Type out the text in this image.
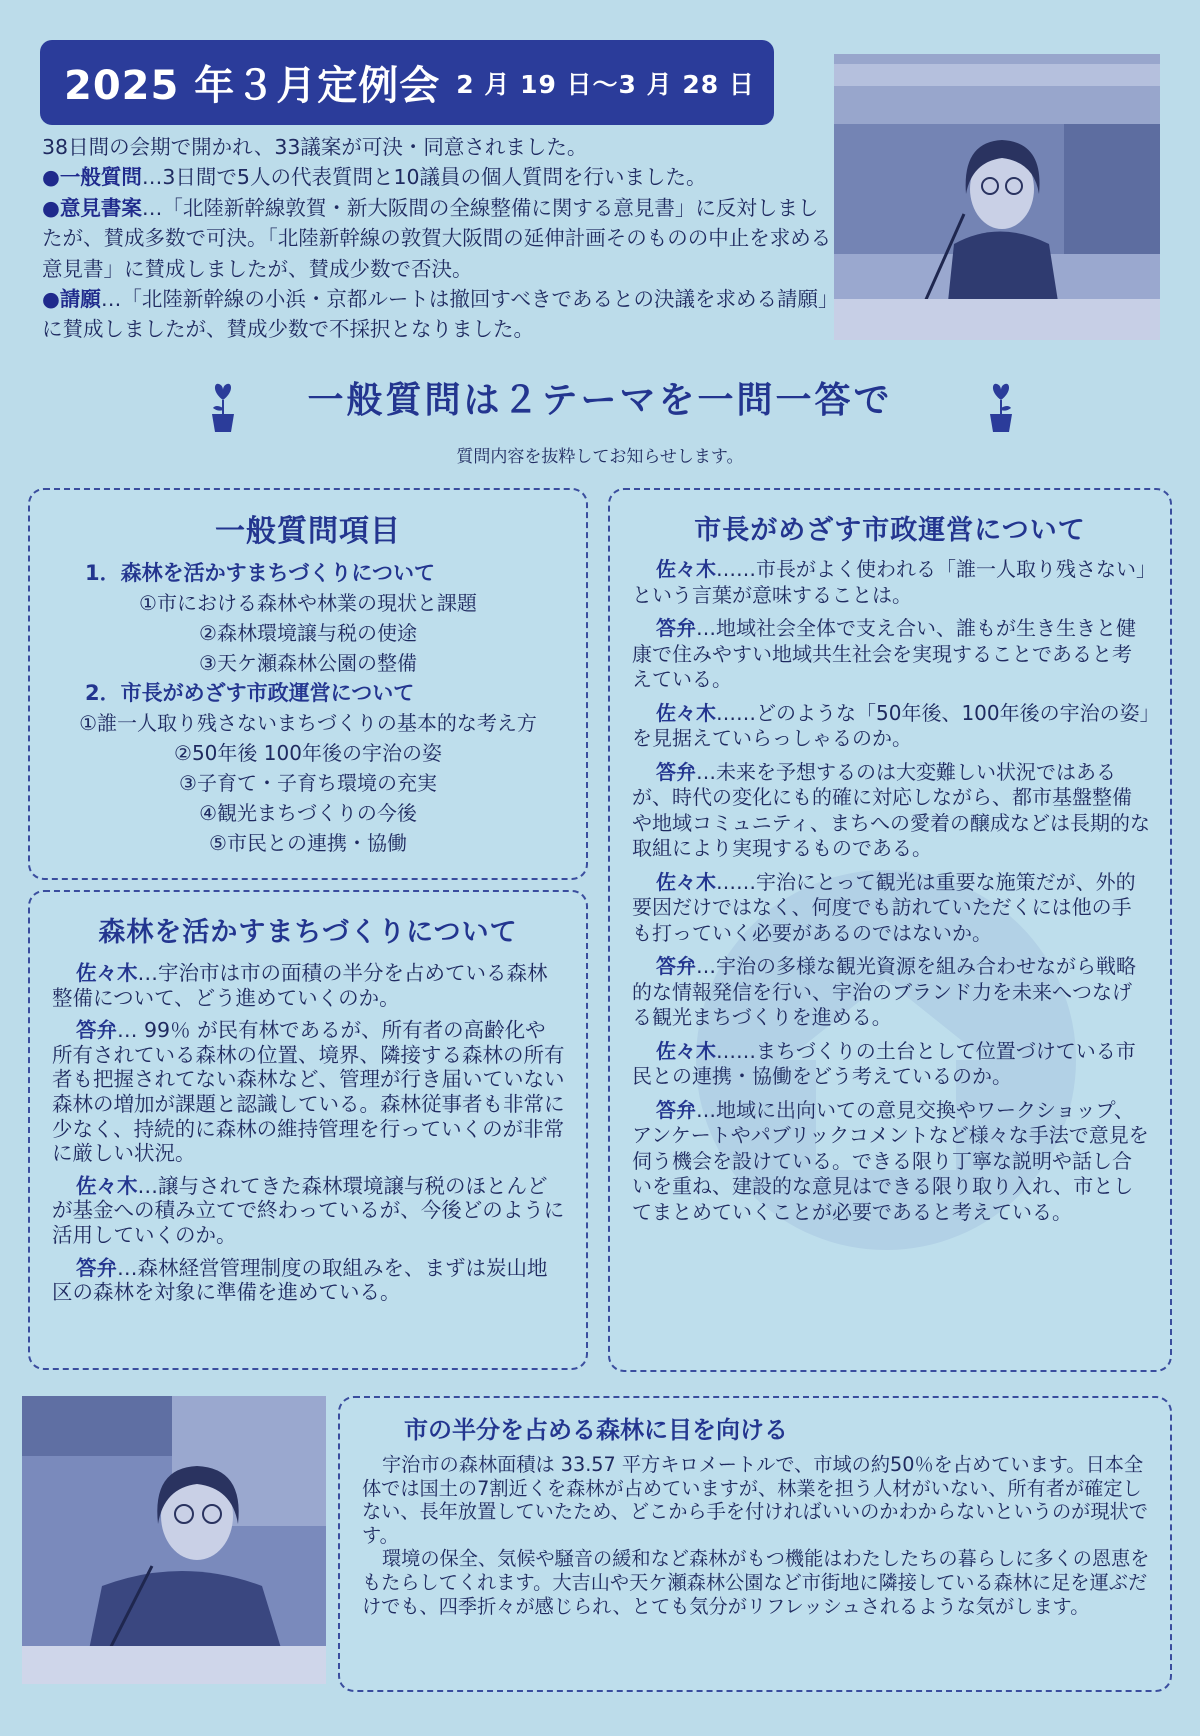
2025 年３月定例会 2 月 19 日～3 月 28 日

38日間の会期で開かれ、33議案が可決・同意されました。

●一般質問…3日間で5人の代表質問と10議員の個人質問を行いました。

●意見書案…「北陸新幹線敦賀・新大阪間の全線整備に関する意見書」に反対しましたが、賛成多数で可決。「北陸新幹線の敦賀大阪間の延伸計画そのものの中止を求める意見書」に賛成しましたが、賛成少数で否決。

●請願…「北陸新幹線の小浜・京都ルートは撤回すべきであるとの決議を求める請願」に賛成しましたが、賛成少数で不採択となりました。

一般質問は２テーマを一問一答で
質問内容を抜粋してお知らせします。
一般質問項目
1．森林を活かすまちづくりについて
①市における森林や林業の現状と課題
②森林環境譲与税の使途
③天ケ瀬森林公園の整備
2．市長がめざす市政運営について
①誰一人取り残さないまちづくりの基本的な考え方
②50年後 100年後の宇治の姿
③子育て・子育ち環境の充実
④観光まちづくりの今後
⑤市民との連携・協働
森林を活かすまちづくりについて

佐々木…宇治市は市の面積の半分を占めている森林整備について、どう進めていくのか。

答弁… 99％ が民有林であるが、所有者の高齢化や所有されている森林の位置、境界、隣接する森林の所有者も把握されてない森林など、管理が行き届いていない森林の増加が課題と認識している。森林従事者も非常に少なく、持続的に森林の維持管理を行っていくのが非常に厳しい状況。

佐々木…譲与されてきた森林環境譲与税のほとんどが基金への積み立てで終わっているが、今後どのように活用していくのか。

答弁…森林経営管理制度の取組みを、まずは炭山地区の森林を対象に準備を進めている。

市長がめざす市政運営について

佐々木……市長がよく使われる「誰一人取り残さない」という言葉が意味することは。

答弁…地域社会全体で支え合い、誰もが生き生きと健康で住みやすい地域共生社会を実現することであると考えている。

佐々木……どのような「50年後、100年後の宇治の姿」を見据えていらっしゃるのか。

答弁…未来を予想するのは大変難しい状況ではあるが、時代の変化にも的確に対応しながら、都市基盤整備や地域コミュニティ、まちへの愛着の醸成などは長期的な取組により実現するものである。

佐々木……宇治にとって観光は重要な施策だが、外的要因だけではなく、何度でも訪れていただくには他の手も打っていく必要があるのではないか。

答弁…宇治の多様な観光資源を組み合わせながら戦略的な情報発信を行い、宇治のブランド力を未来へつなげる観光まちづくりを進める。

佐々木……まちづくりの土台として位置づけている市民との連携・協働をどう考えているのか。

答弁…地域に出向いての意見交換やワークショップ、アンケートやパブリックコメントなど様々な手法で意見を伺う機会を設けている。できる限り丁寧な説明や話し合いを重ね、建設的な意見はできる限り取り入れ、市としてまとめていくことが必要であると考えている。

市の半分を占める森林に目を向ける

宇治市の森林面積は 33.57 平方キロメートルで、市域の約50％を占めています。日本全体では国土の7割近くを森林が占めていますが、林業を担う人材がいない、所有者が確定しない、長年放置していたため、どこから手を付ければいいのかわからないというのが現状です。

環境の保全、気候や騒音の緩和など森林がもつ機能はわたしたちの暮らしに多くの恩恵をもたらしてくれます。大吉山や天ケ瀬森林公園など市街地に隣接している森林に足を運ぶだけでも、四季折々が感じられ、とても気分がリフレッシュされるような気がします。
